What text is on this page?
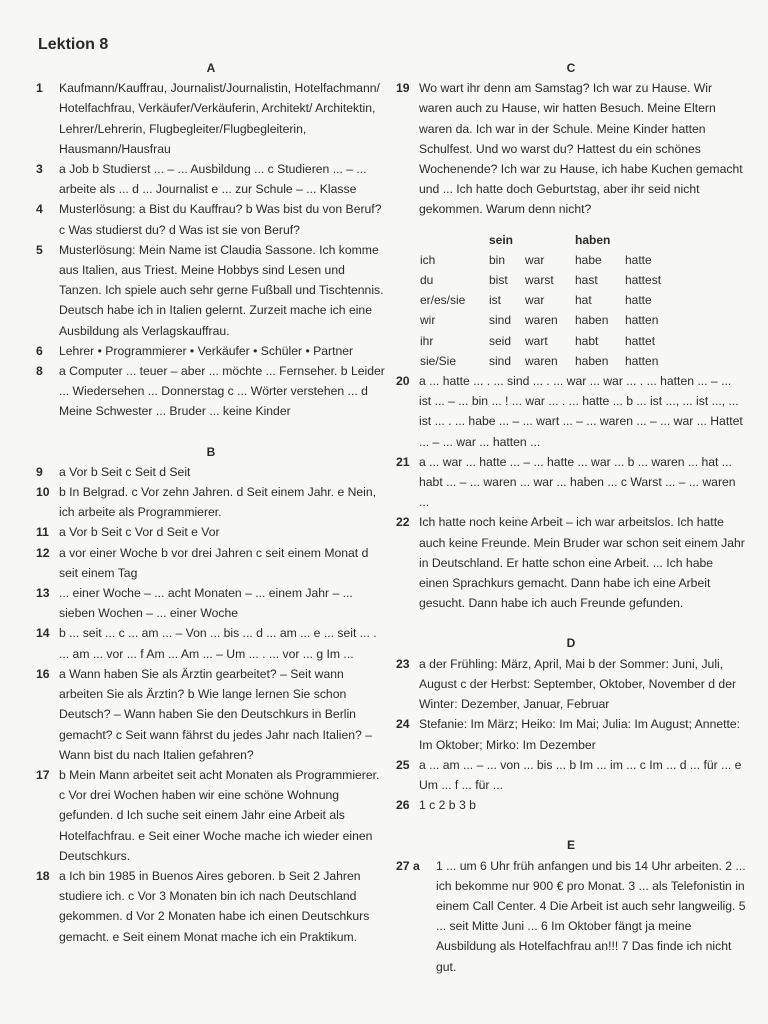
Lektion 8
A
1 Kaufmann/Kauffrau, Journalist/Journalistin, Hotelfachmann/ Hotelfachfrau, Verkäufer/Verkäuferin, Architekt/ Architektin, Lehrer/Lehrerin, Flugbegleiter/Flugbegleiterin, Hausmann/Hausfrau
3 a Job b Studierst ... – ... Ausbildung ... c Studieren ... – ... arbeite als ... d ... Journalist e ... zur Schule – ... Klasse
4 Musterlösung: a Bist du Kauffrau? b Was bist du von Beruf? c Was studierst du? d Was ist sie von Beruf?
5 Musterlösung: Mein Name ist Claudia Sassone. Ich komme aus Italien, aus Triest. Meine Hobbys sind Lesen und Tanzen. Ich spiele auch sehr gerne Fußball und Tischtennis. Deutsch habe ich in Italien gelernt. Zurzeit mache ich eine Ausbildung als Verlagskauffrau.
6 Lehrer • Programmierer • Verkäufer • Schüler • Partner
8 a Computer ... teuer – aber ... möchte ... Fernseher. b Leider ... Wiedersehen ... Donnerstag c ... Wörter verstehen ... d Meine Schwester ... Bruder ... keine Kinder
B
9 a Vor b Seit c Seit d Seit
10 b In Belgrad. c Vor zehn Jahren. d Seit einem Jahr. e Nein, ich arbeite als Programmierer.
11 a Vor b Seit c Vor d Seit e Vor
12 a vor einer Woche b vor drei Jahren c seit einem Monat d seit einem Tag
13 ... einer Woche – ... acht Monaten – ... einem Jahr – ... sieben Wochen – ... einer Woche
14 b ... seit ... c ... am ... – Von ... bis ... d ... am ... e ... seit ... . ... am ... vor ... f Am ... Am ... – Um ... . ... vor ... g Im ...
16 a Wann haben Sie als Ärztin gearbeitet? – Seit wann arbeiten Sie als Ärztin? b Wie lange lernen Sie schon Deutsch? – Wann haben Sie den Deutschkurs in Berlin gemacht? c Seit wann fährst du jedes Jahr nach Italien? – Wann bist du nach Italien gefahren?
17 b Mein Mann arbeitet seit acht Monaten als Programmierer. c Vor drei Wochen haben wir eine schöne Wohnung gefunden. d Ich suche seit einem Jahr eine Arbeit als Hotelfachfrau. e Seit einer Woche mache ich wieder einen Deutschkurs.
18 a Ich bin 1985 in Buenos Aires geboren. b Seit 2 Jahren studiere ich. c Vor 3 Monaten bin ich nach Deutschland gekommen. d Vor 2 Monaten habe ich einen Deutschkurs gemacht. e Seit einem Monat mache ich ein Praktikum.
C
19 Wo wart ihr denn am Samstag? Ich war zu Hause. Wir waren auch zu Hause, wir hatten Besuch. Meine Eltern waren da. Ich war in der Schule. Meine Kinder hatten Schulfest. Und wo warst du? Hattest du ein schönes Wochenende? Ich war zu Hause, ich habe Kuchen gemacht und ... Ich hatte doch Geburtstag, aber ihr seid nicht gekommen. Warum denn nicht?
	sein		haben	
ich	bin	war	habe	hatte
du	bist	warst	hast	hattest
er/es/sie	ist	war	hat	hatte
wir	sind	waren	haben	hatten
ihr	seid	wart	habt	hattet
sie/Sie	sind	waren	haben	hatten
20 a ... hatte ... . ... sind ... . ... war ... war ... . ... hatten ... – ... ist ... – ... bin ... ! ... war ... . ... hatte ... b ... ist ..., ... ist ..., ... ist ... . ... habe ... – ... wart ... – ... waren ... – ... war ... Hattet ... – ... war ... hatten ...
21 a ... war ... hatte ... – ... hatte ... war ... b ... waren ... hat ... habt ... – ... waren ... war ... haben ... c Warst ... – ... waren ...
22 Ich hatte noch keine Arbeit – ich war arbeitslos. Ich hatte auch keine Freunde. Mein Bruder war schon seit einem Jahr in Deutschland. Er hatte schon eine Arbeit. ... Ich habe einen Sprachkurs gemacht. Dann habe ich eine Arbeit gesucht. Dann habe ich auch Freunde gefunden.
D
23 a der Frühling: März, April, Mai b der Sommer: Juni, Juli, August c der Herbst: September, Oktober, November d der Winter: Dezember, Januar, Februar
24 Stefanie: Im März; Heiko: Im Mai; Julia: Im August; Annette: Im Oktober; Mirko: Im Dezember
25 a ... am ... – ... von ... bis ... b Im ... im ... c Im ... d ... für ... e Um ... f ... für ...
26 1 c 2 b 3 b
E
27 a 1 ... um 6 Uhr früh anfangen und bis 14 Uhr arbeiten. 2 ... ich bekomme nur 900 € pro Monat. 3 ... als Telefonistin in einem Call Center. 4 Die Arbeit ist auch sehr langweilig. 5 ... seit Mitte Juni ... 6 Im Oktober fängt ja meine Ausbildung als Hotelfachfrau an!!! 7 Das finde ich nicht gut.
